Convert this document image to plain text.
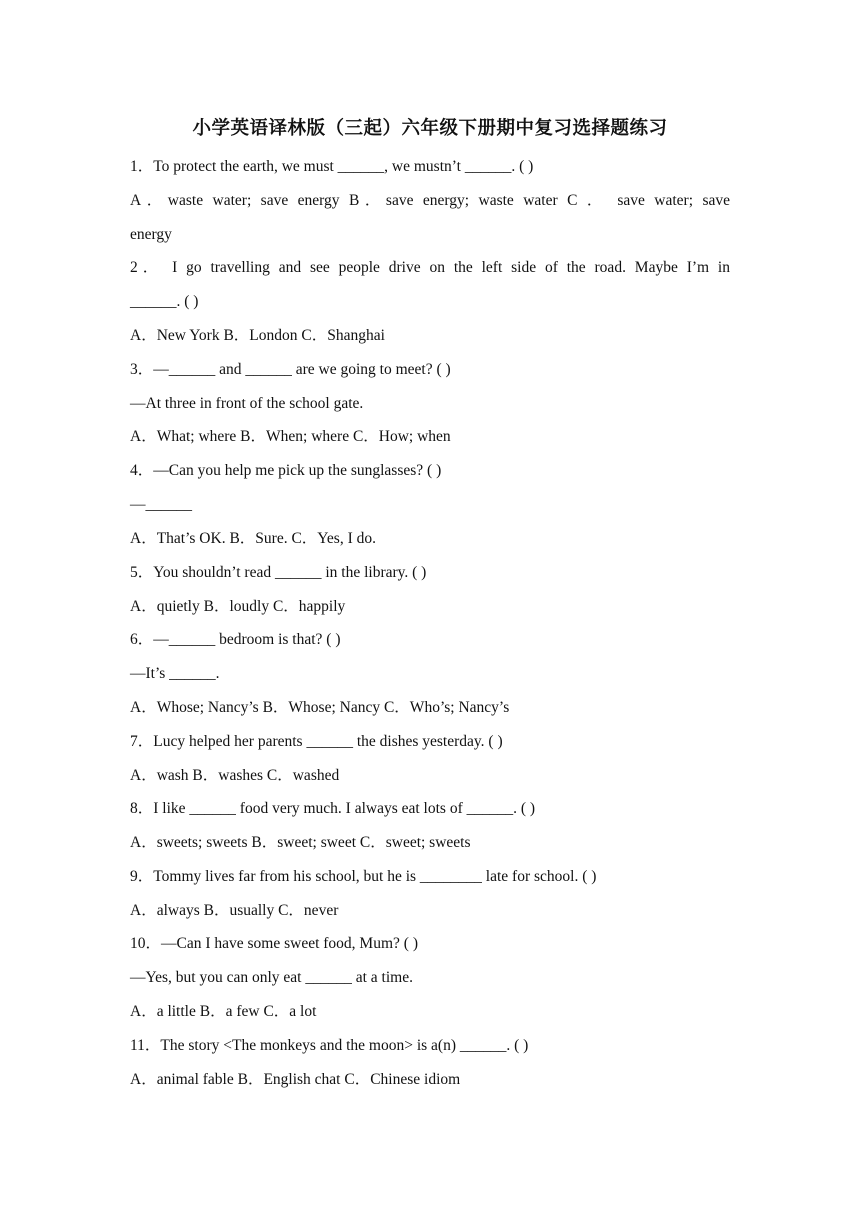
小学英语译林版（三起）六年级下册期中复习选择题练习
1．To protect the earth, we must ______, we mustn’t ______. ( )
A．waste water; save energy B．save energy; waste water C ． save water; save
energy
2． I go travelling and see people drive on the left side of the road. Maybe I’m in
______. ( )
A．New York B．London C．Shanghai
3．—______ and ______ are we going to meet? ( )
—At three in front of the school gate.
A．What; where B．When; where C．How; when
4．—Can you help me pick up the sunglasses? ( )
—______
A．That’s OK. B．Sure. C．Yes, I do.
5．You shouldn’t read ______ in the library. ( )
A．quietly B．loudly C．happily
6．—______ bedroom is that? ( )
—It’s ______.
A．Whose; Nancy’s B．Whose; Nancy C．Who’s; Nancy’s
7．Lucy helped her parents ______ the dishes yesterday. ( )
A．wash B．washes C．washed
8．I like ______ food very much. I always eat lots of ______. ( )
A．sweets; sweets B．sweet; sweet C．sweet; sweets
9．Tommy lives far from his school, but he is ________ late for school. ( )
A．always B．usually C．never
10．—Can I have some sweet food, Mum? ( )
—Yes, but you can only eat ______ at a time.
A．a little B．a few C．a lot
11．The story <The monkeys and the moon> is a(n) ______. ( )
A．animal fable B．English chat C．Chinese idiom
